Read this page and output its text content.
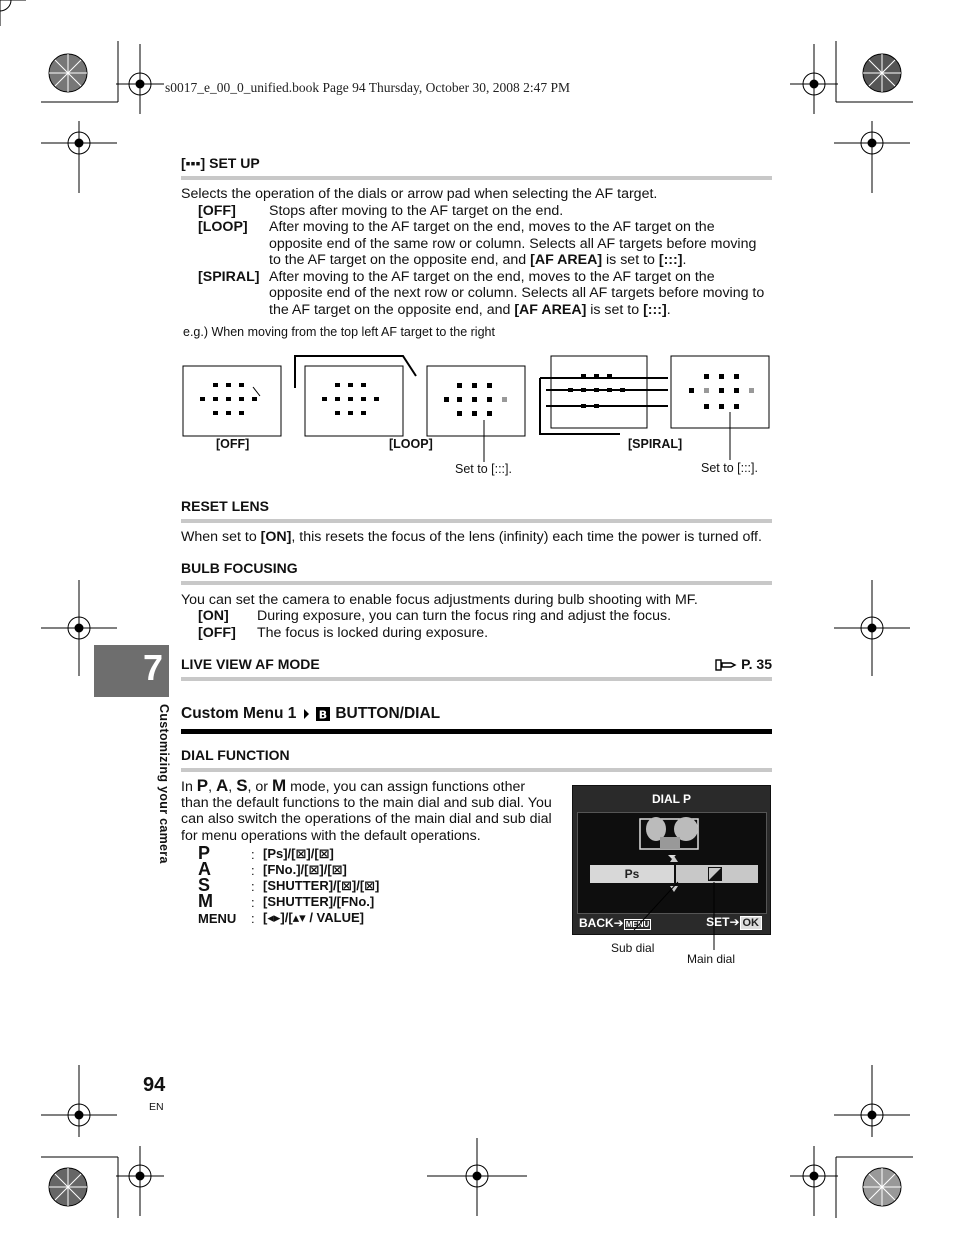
s0017_e_00_0_unified.book Page 94 Thursday, October 30, 2008 2:47 PM
[▪▪▪] SET UP
Selects the operation of the dials or arrow pad when selecting the AF target.
[OFF] Stops after moving to the AF target on the end.
[LOOP] After moving to the AF target on the end, moves to the AF target on the
opposite end of the same row or column. Selects all AF targets before moving
to the AF target on the opposite end, and [AF AREA] is set to [:::].
[SPIRAL] After moving to the AF target on the end, moves to the AF target on the
opposite end of the next row or column. Selects all AF targets before moving to
the AF target on the opposite end, and [AF AREA] is set to [:::].
e.g.) When moving from the top left AF target to the right
[OFF]	[LOOP]	[SPIRAL]
Set to [:::].	Set to [:::].
RESET LENS
When set to [ON], this resets the focus of the lens (infinity) each time the power is turned off.
BULB FOCUSING
You can set the camera to enable focus adjustments during bulb shooting with MF.
[ON] During exposure, you can turn the focus ring and adjust the focus.
[OFF] The focus is locked during exposure.
LIVE VIEW AF MODE	P. 35
7
Customizing your camera Custom Menu 1 B BUTTON/DIAL
DIAL FUNCTION
In P, A, S, or M mode, you can assign functions other
than the default functions to the main dial and sub dial. You
can also switch the operations of the main dial and sub dial
for menu operations with the default operations.
P	: [Ps]/[⊠]/[⊠]
A	: [FNo.]/[⊠]/[⊠]
S	: [SHUTTER]/[⊠]/[⊠]
M	: [SHUTTER]/[FNo.]
MENU : [◂▸]/[▴▾ / VALUE]
DIAL P
Ps
BACK➔ MENU	SET➔ OK
Sub dial
Main dial
94
EN
